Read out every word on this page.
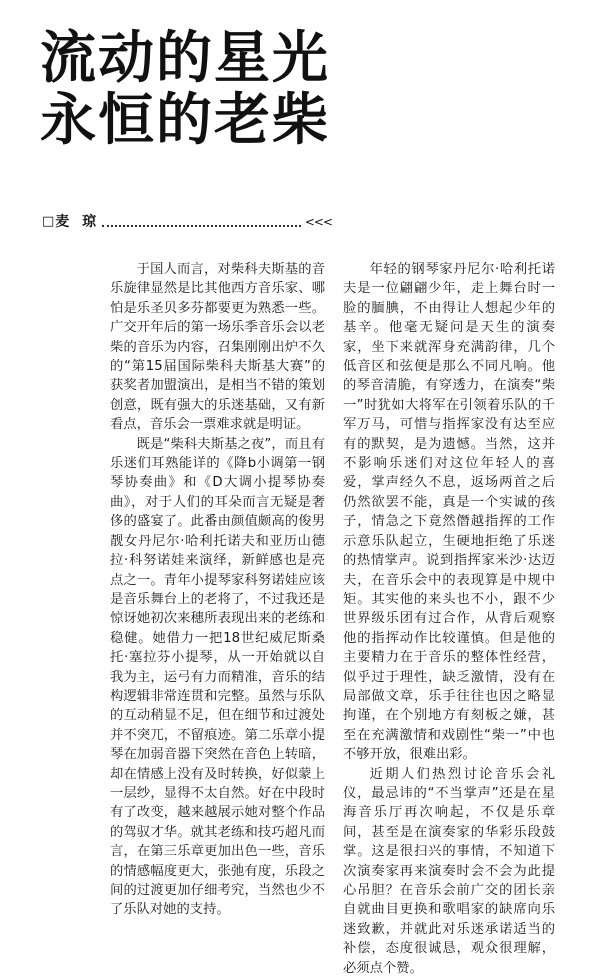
流动的星光
永恒的老柴
□ 麦 琼	<<<

于国人而言，对柴科夫斯基的音乐旋律显然是比其他西方音乐家、哪怕是乐圣贝多芬都要更为熟悉一些。广交开年后的第一场乐季音乐会以老柴的音乐为内容，召集刚刚出炉不久的“第15届国际柴科夫斯基大赛”的获奖者加盟演出，是相当不错的策划创意，既有强大的乐迷基础，又有新看点，音乐会一票难求就是明证。

既是“柴科夫斯基之夜”，而且有乐迷们耳熟能详的《降b小调第一钢琴协奏曲》和《D大调小提琴协奏曲》，对于人们的耳朵而言无疑是奢侈的盛宴了。此番由颜值颇高的俊男靓女丹尼尔·哈利托诺夫和亚历山德拉·科努诺娃来演绎，新鲜感也是亮点之一。青年小提琴家科努诺娃应该是音乐舞台上的老将了，不过我还是惊讶她初次来穗所表现出来的老练和稳健。她借力一把18世纪威尼斯桑托·塞拉芬小提琴，从一开始就以自我为主，运弓有力而精准，音乐的结构逻辑非常连贯和完整。虽然与乐队的互动稍显不足，但在细节和过渡处并不突兀，不留痕迹。第二乐章小提琴在加弱音器下突然在音色上转暗，却在情感上没有及时转换，好似蒙上一层纱，显得不太自然。好在中段时有了改变，越来越展示她对整个作品的驾驭才华。就其老练和技巧超凡而言，在第三乐章更加出色一些，音乐的情感幅度更大，张弛有度，乐段之间的过渡更加仔细考究，当然也少不了乐队对她的支持。

年轻的钢琴家丹尼尔·哈利托诺夫是一位翩翩少年，走上舞台时一脸的腼腆，不由得让人想起少年的基辛。他毫无疑问是天生的演奏家，坐下来就浑身充满韵律，几个低音区和弦便是那么不同凡响。他的琴音清脆，有穿透力，在演奏“柴一”时犹如大将军在引领着乐队的千军万马，可惜与指挥家没有达至应有的默契，是为遗憾。当然，这并不影响乐迷们对这位年轻人的喜爱，掌声经久不息，返场两首之后仍然欲罢不能，真是一个实诚的孩子，情急之下竟然僭越指挥的工作示意乐队起立，生硬地拒绝了乐迷的热情掌声。说到指挥家米沙·达迈夫，在音乐会中的表现算是中规中矩。其实他的来头也不小，跟不少世界级乐团有过合作，从背后观察他的指挥动作比较谨慎。但是他的主要精力在于音乐的整体性经营，似乎过于理性，缺乏激情，没有在局部做文章，乐手往往也因之略显拘谨，在个别地方有刻板之嫌，甚至在充满激情和戏剧性“柴一”中也不够开放，很难出彩。

近期人们热烈讨论音乐会礼仪，最忌讳的“不当掌声”还是在星海音乐厅再次响起，不仅是乐章间，甚至是在演奏家的华彩乐段鼓掌。这是很扫兴的事情，不知道下次演奏家再来演奏时会不会为此提心吊胆？在音乐会前广交的团长亲自就曲目更换和歌唱家的缺席向乐迷致歉，并就此对乐迷承诺适当的补偿，态度很诚恳，观众很理解，必须点个赞。
